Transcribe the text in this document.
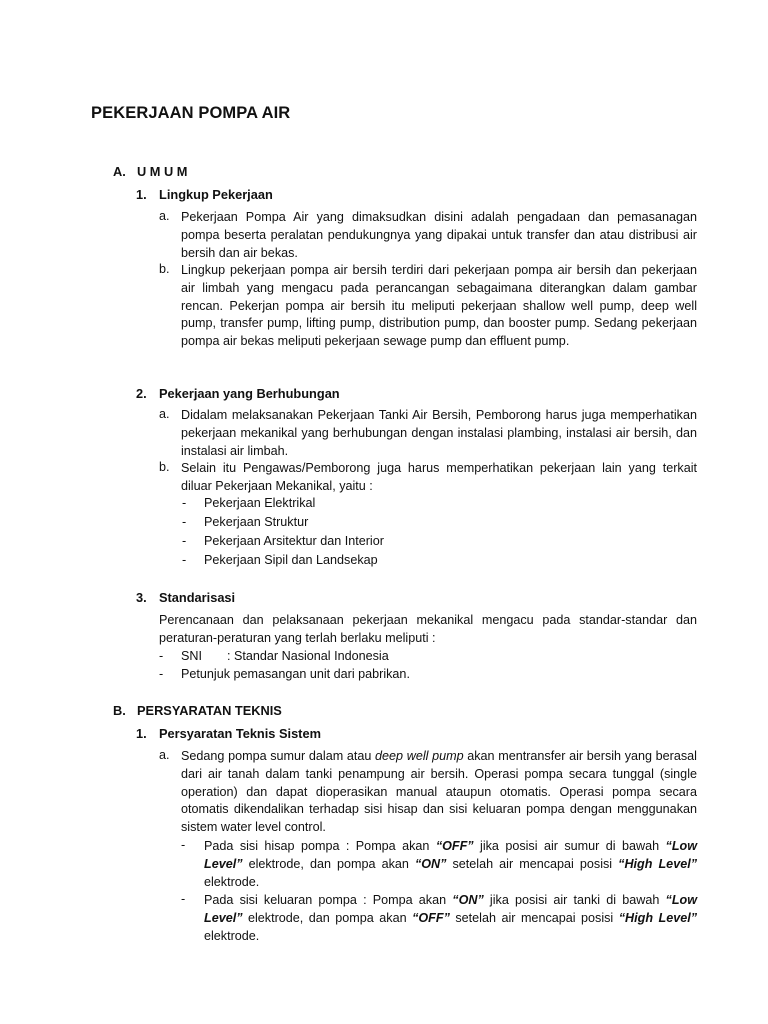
PEKERJAAN POMPA AIR
A. U M U M
1. Lingkup Pekerjaan
a. Pekerjaan Pompa Air yang dimaksudkan disini adalah pengadaan dan pemasanagan pompa beserta peralatan pendukungnya yang dipakai untuk transfer dan atau distribusi air bersih dan air bekas.
b. Lingkup pekerjaan pompa air bersih terdiri dari pekerjaan pompa air bersih dan pekerjaan air limbah yang mengacu pada perancangan sebagaimana diterangkan dalam gambar rencan. Pekerjan pompa air bersih itu meliputi pekerjaan shallow well pump, deep well pump, transfer pump, lifting pump, distribution pump, dan booster pump. Sedang pekerjaan pompa air bekas meliputi pekerjaan sewage pump dan effluent pump.
2. Pekerjaan yang Berhubungan
a. Didalam melaksanakan Pekerjaan Tanki Air Bersih, Pemborong harus juga memperhatikan pekerjaan mekanikal yang berhubungan dengan instalasi plambing, instalasi air bersih, dan instalasi air limbah.
b. Selain itu Pengawas/Pemborong juga harus memperhatikan pekerjaan lain yang terkait diluar Pekerjaan Mekanikal, yaitu :
- Pekerjaan Elektrikal
- Pekerjaan Struktur
- Pekerjaan Arsitektur dan Interior
- Pekerjaan Sipil dan Landsekap
3. Standarisasi
Perencanaan dan pelaksanaan pekerjaan mekanikal mengacu pada standar-standar dan peraturan-peraturan yang terlah berlaku meliputi :
- SNI : Standar Nasional Indonesia
- Petunjuk pemasangan unit dari pabrikan.
B. PERSYARATAN TEKNIS
1. Persyaratan Teknis Sistem
a. Sedang pompa sumur dalam atau deep well pump akan mentransfer air bersih yang berasal dari air tanah dalam tanki penampung air bersih. Operasi pompa secara tunggal (single operation) dan dapat dioperasikan manual ataupun otomatis. Operasi pompa secara otomatis dikendalikan terhadap sisi hisap dan sisi keluaran pompa dengan menggunakan sistem water level control.
- Pada sisi hisap pompa : Pompa akan “OFF” jika posisi air sumur di bawah “Low Level” elektrode, dan pompa akan “ON” setelah air mencapai posisi “High Level” elektrode.
- Pada sisi keluaran pompa : Pompa akan “ON” jika posisi air tanki di bawah “Low Level” elektrode, dan pompa akan “OFF” setelah air mencapai posisi “High Level” elektrode.
